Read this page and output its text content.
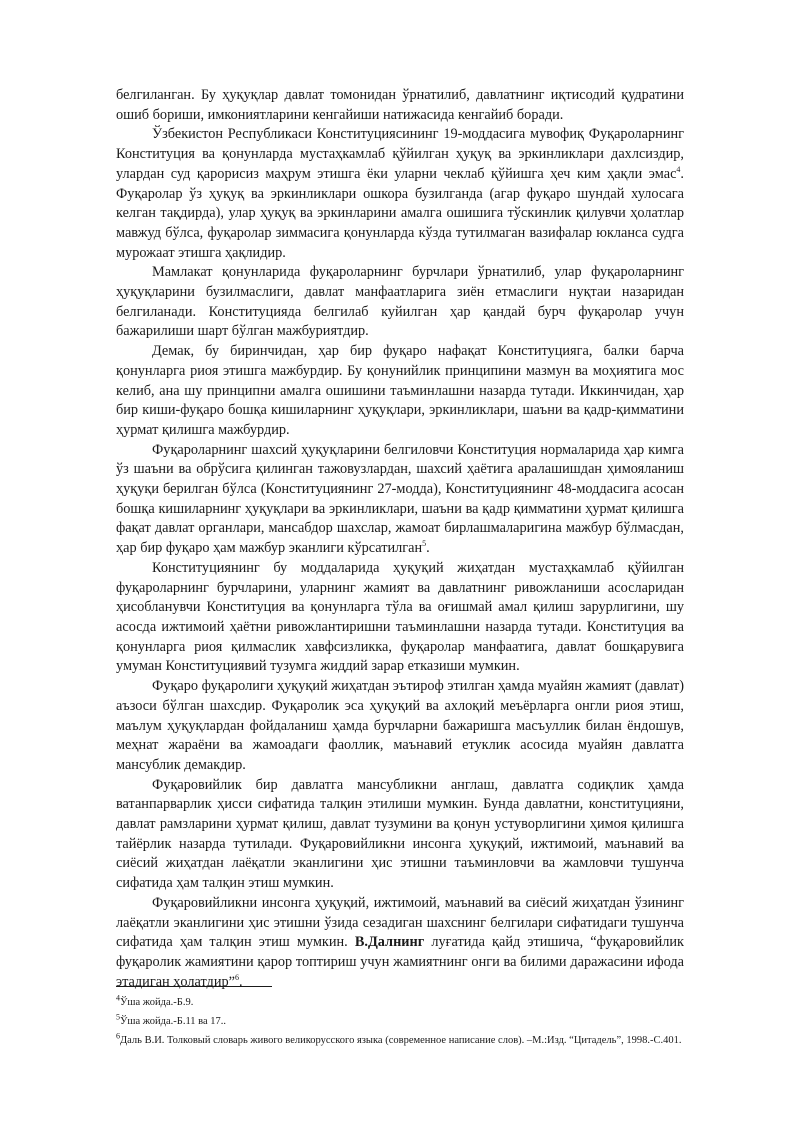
белгиланган. Бу ҳуқуқлар давлат томонидан ўрнатилиб, давлатнинг иқтисодий қудратини ошиб бориши, имкониятларини кенгайиши натижасида кенгайиб боради.

Ўзбекистон Республикаси Конституциясининг 19-моддасига мувофиқ Фуқароларнинг Конституция ва қонунларда мустаҳкамлаб қўйилган ҳуқуқ ва эркинликлари дахлсиздир, улардан суд қарорисиз маҳрум этишга ёки уларни чеклаб қўйишга ҳеч ким ҳақли эмас$^4$. Фуқаролар ўз ҳуқуқ ва эркинликлари ошкора бузилганда (агар фуқаро шундай хулосага келган тақдирда), улар ҳуқуқ ва эркинларини амалга ошишига тўскинлик қилувчи ҳолатлар мавжуд бўлса, фуқаролар зиммасига қонунларда кўзда тутилмаган вазифалар юкланса судга мурожаат этишга ҳақлидир.

Мамлакат қонунларида фуқароларнинг бурчлари ўрнатилиб, улар фуқароларнинг ҳуқуқларини бузилмаслиги, давлат манфаатларига зиён етмаслиги нуқтаи назаридан белгиланади. Конституцияда белгилаб куйилган ҳар қандай бурч фуқаролар учун бажарилиши шарт бўлган мажбуриятдир.

Демак, бу биринчидан, ҳар бир фуқаро нафақат Конституцияга, балки барча қонунларга риоя этишга мажбурдир. Бу қонунийлик принципини мазмун ва моҳиятига мос келиб, ана шу принципни амалга ошишини таъминлашни назарда тутади. Иккинчидан, ҳар бир киши-фуқаро бошқа кишиларнинг ҳуқуқлари, эркинликлари, шаъни ва қадр-қимматини ҳурмат қилишга мажбурдир.

Фуқароларнинг шахсий ҳуқуқларини белгиловчи Конституция нормаларида ҳар кимга ўз шаъни ва обрўсига қилинган тажовузлардан, шахсий ҳаётига аралашишдан ҳимояланиш ҳуқуқи берилган бўлса (Конституциянинг 27-модда), Конституциянинг 48-моддасига асосан бошқа кишиларнинг ҳуқуқлари ва эркинликлари, шаъни ва қадр қимматини ҳурмат қилишга фақат давлат органлари, мансабдор шахслар, жамоат бирлашмаларигина мажбур бўлмасдан, ҳар бир фуқаро ҳам мажбур эканлиги кўрсатилган$^5$.

Конституциянинг бу моддаларида ҳуқуқий жиҳатдан мустаҳкамлаб қўйилган фуқароларнинг бурчларини, уларнинг жамият ва давлатнинг ривожланиши асосларидан ҳисобланувчи Конституция ва қонунларга тўла ва оғишмай амал қилиш зарурлигини, шу асосда ижтимоий ҳаётни ривожлантиришни таъминлашни назарда тутади. Конституция ва қонунларга риоя қилмаслик хавфсизликка, фуқаролар манфаатига, давлат бошқарувига умуман Конституциявий тузумга жиддий зарар етказиши мумкин.

Фуқаро фуқаролиги ҳуқуқий жиҳатдан эътироф этилган ҳамда муайян жамият (давлат) аъзоси бўлган шахсдир. Фуқаролик эса ҳуқуқий ва ахлоқий меъёрларга онгли риоя этиш, маълум ҳуқуқлардан фойдаланиш ҳамда бурчларни бажаришга масъуллик билан ёндошув, меҳнат жараёни ва жамоадаги фаоллик, маънавий етуклик асосида муайян давлатга мансублик демакдир.

Фуқаровийлик бир давлатга мансубликни англаш, давлатга содиқлик ҳамда ватанпарварлик ҳисси сифатида талқин этилиши мумкин. Бунда давлатни, конституцияни, давлат рамзларини ҳурмат қилиш, давлат тузумини ва қонун устуворлигини ҳимоя қилишга тайёрлик назарда тутилади. Фуқаровийликни инсонга ҳуқуқий, ижтимоий, маънавий ва сиёсий жиҳатдан лаёқатли эканлигини ҳис этишни таъминловчи ва жамловчи тушунча сифатида ҳам талқин этиш мумкин.

Фуқаровийликни инсонга ҳуқуқий, ижтимоий, маънавий ва сиёсий жиҳатдан ўзининг лаёқатли эканлигини ҳис этишни ўзида сезадиган шахснинг белгилари сифатидаги тушунча сифатида ҳам талқин этиш мумкин. В.Далнинг луғатида қайд этишича, “фуқаровийлик фуқаролик жамиятини қарор топтириш учун жамиятнинг онги ва билими даражасини ифода этадиган ҳолатдир”$^6$.

$^4$Ўша жойда.-Б.9.

$^5$Ўша жойда.-Б.11 ва 17..

$^6$Даль В.И. Толковый словарь живого великорусского языка (современное написание слов). –М.:Изд. “Цитадель”, 1998.-С.401.
